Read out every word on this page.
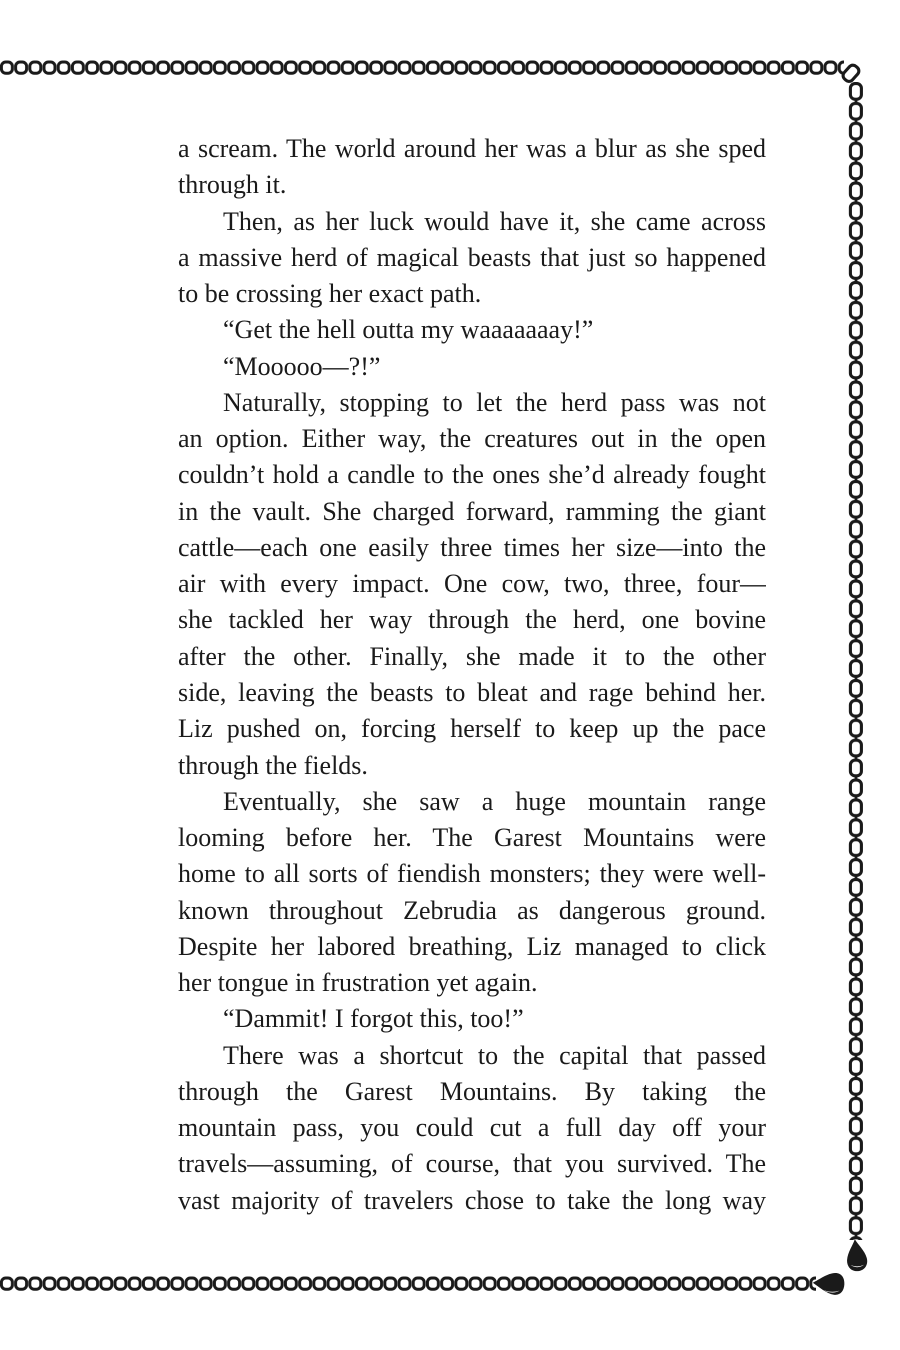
a scream. The world around her was a blur as she sped
through it.
Then, as her luck would have it, she came across
a massive herd of magical beasts that just so happened
to be crossing her exact path.
“Get the hell outta my waaaaaaay!”
“Mooooo—?!”
Naturally, stopping to let the herd pass was not
an option. Either way, the creatures out in the open
couldn’t hold a candle to the ones she’d already fought
in the vault. She charged forward, ramming the giant
cattle—each one easily three times her size—into the
air with every impact. One cow, two, three, four—
she tackled her way through the herd, one bovine
after the other. Finally, she made it to the other
side, leaving the beasts to bleat and rage behind her.
Liz pushed on, forcing herself to keep up the pace
through the fields.
Eventually, she saw a huge mountain range
looming before her. The Garest Mountains were
home to all sorts of fiendish monsters; they were well-
known throughout Zebrudia as dangerous ground.
Despite her labored breathing, Liz managed to click
her tongue in frustration yet again.
“Dammit! I forgot this, too!”
There was a shortcut to the capital that passed
through the Garest Mountains. By taking the
mountain pass, you could cut a full day off your
travels—assuming, of course, that you survived. The
vast majority of travelers chose to take the long way
